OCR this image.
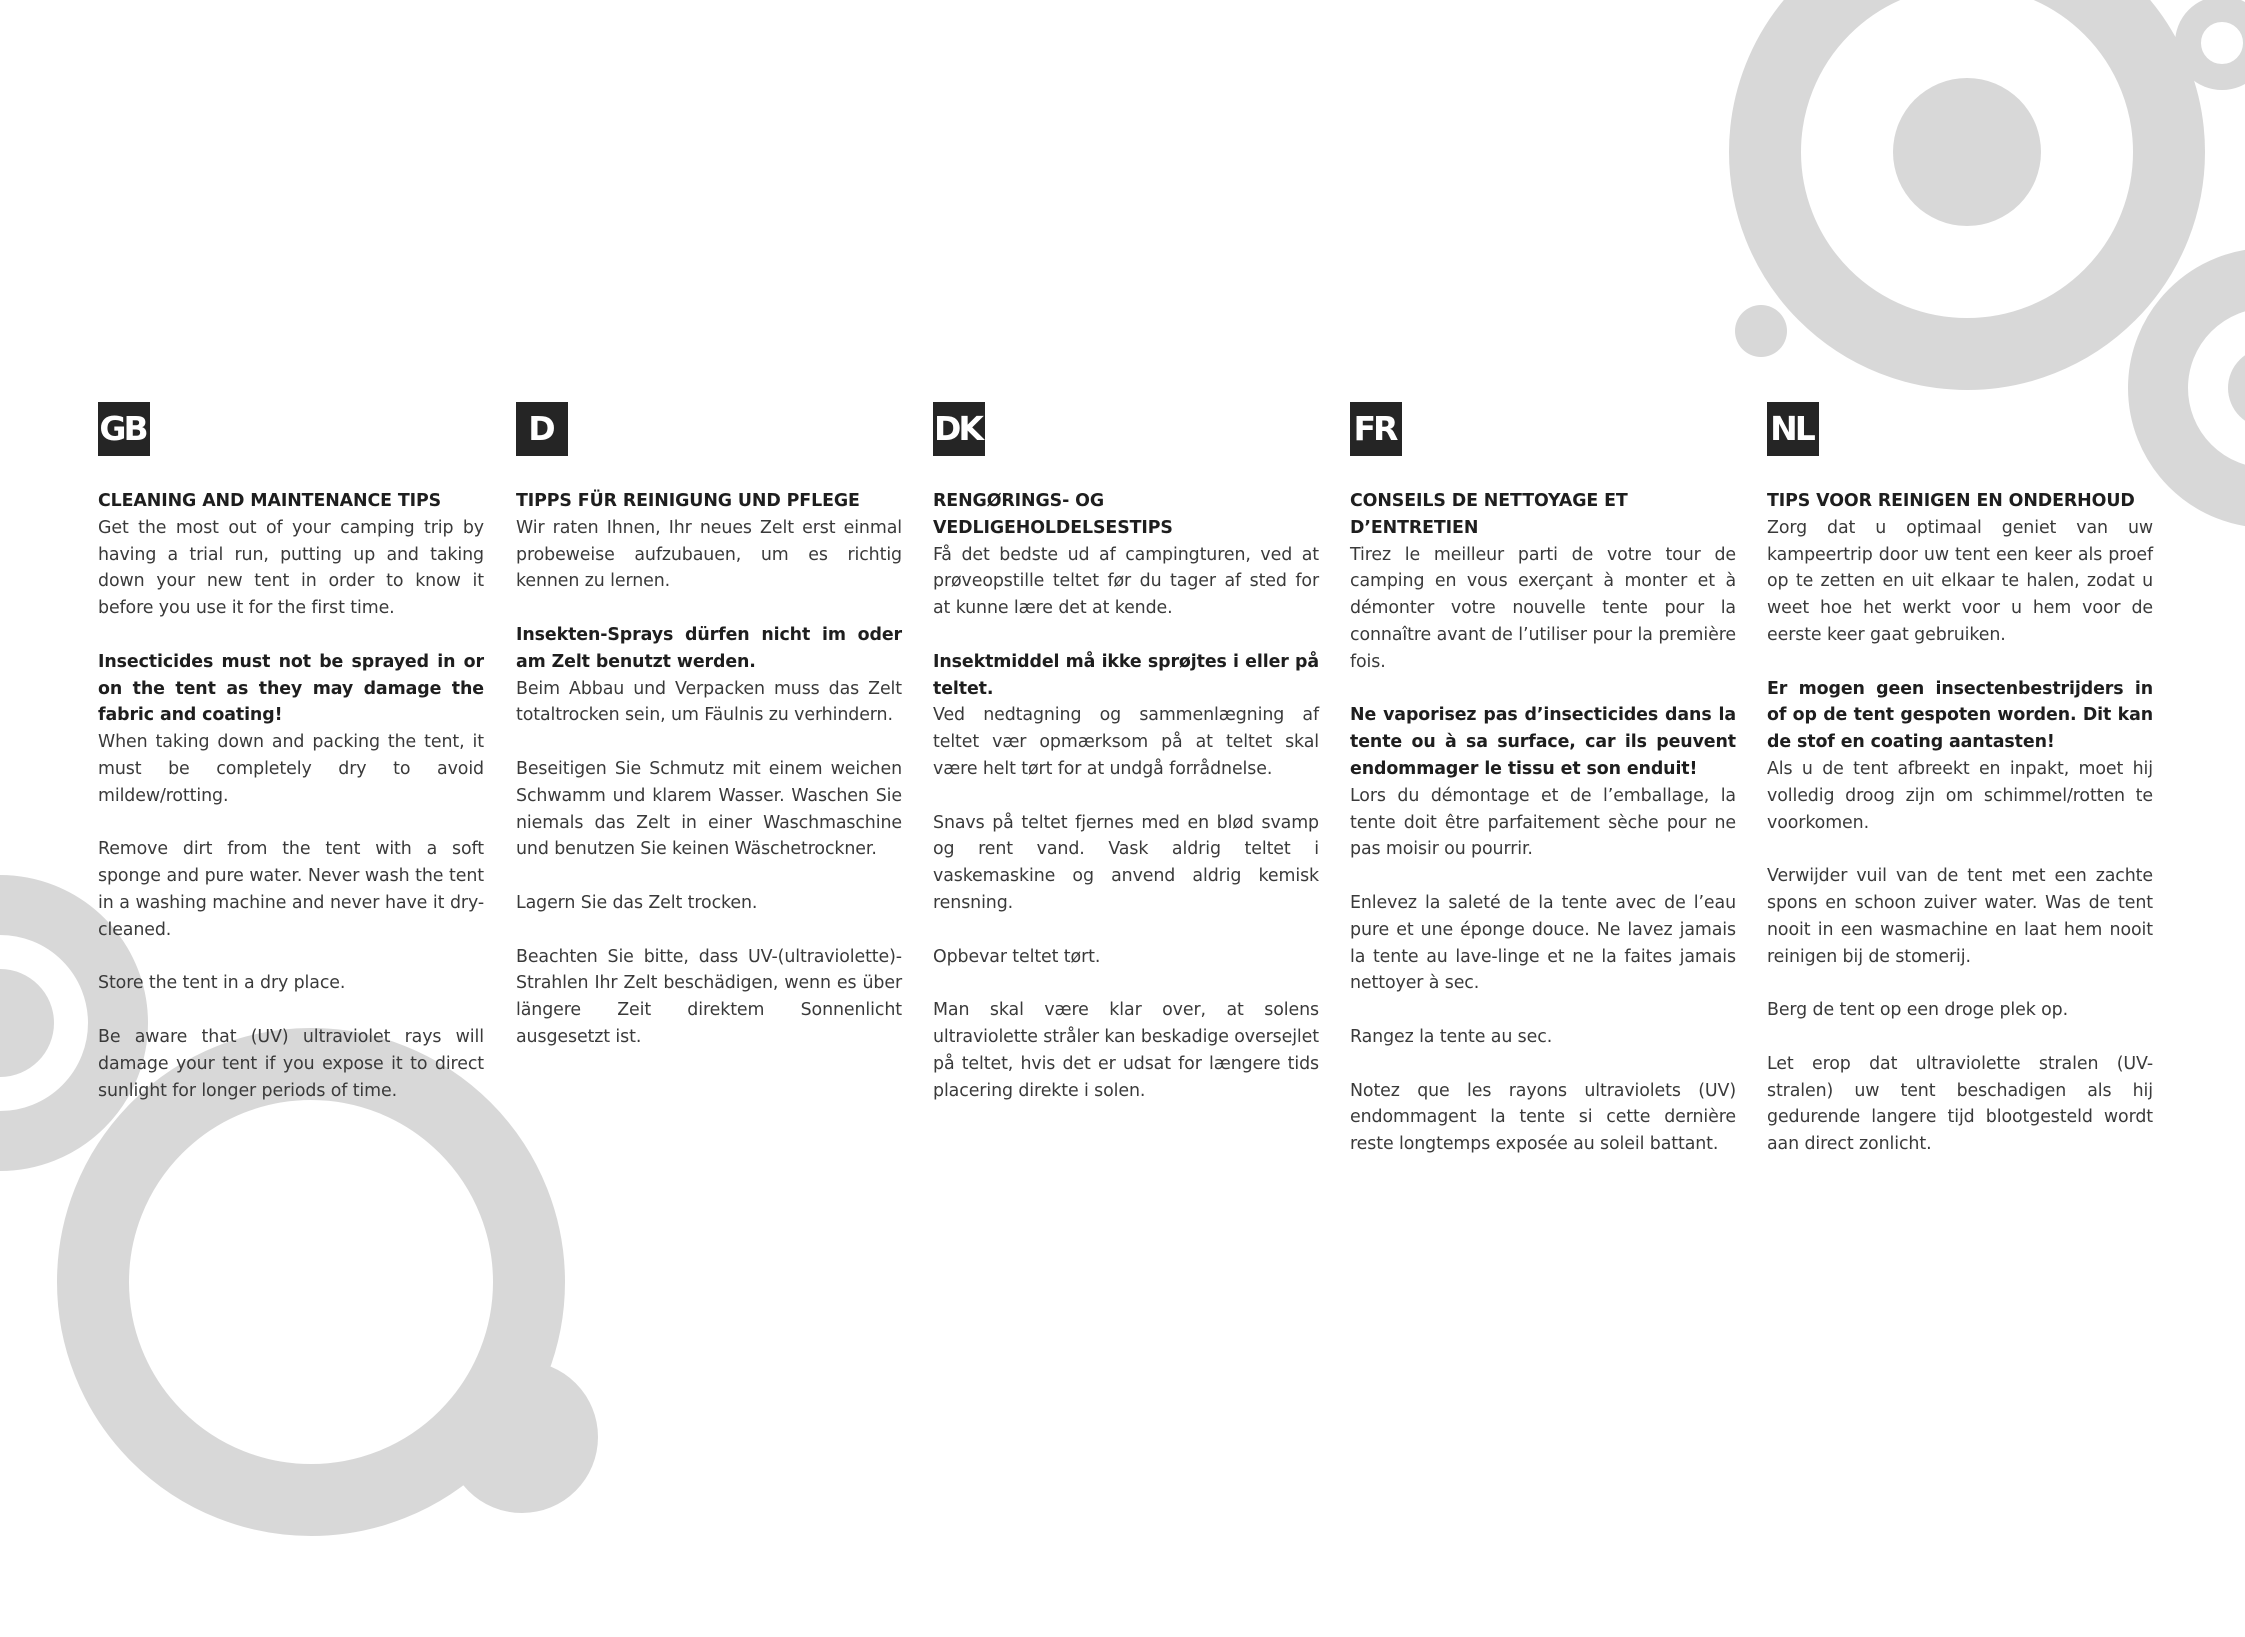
GB
CLEANING AND MAINTENANCE TIPS

Get the most out of your camping trip by having a trial run, putting up and taking down your new tent in order to know it before you use it for the first time.

Insecticides must not be sprayed in or on the tent as they may damage the fabric and coating!
When taking down and packing the tent, it must be completely dry to avoid mildew/rotting.

Remove dirt from the tent with a soft sponge and pure water. Never wash the tent in a washing machine and never have it dry-cleaned.

Store the tent in a dry place.

Be aware that (UV) ultraviolet rays will damage your tent if you expose it to direct sunlight for longer periods of time.

D
TIPPS FÜR REINIGUNG UND PFLEGE

Wir raten Ihnen, Ihr neues Zelt erst einmal probeweise aufzubauen, um es richtig kennen zu lernen.

Insekten-Sprays dürfen nicht im oder am Zelt benutzt werden.
Beim Abbau und Verpacken muss das Zelt totaltrocken sein, um Fäulnis zu verhindern.

Beseitigen Sie Schmutz mit einem weichen Schwamm und klarem Wasser. Waschen Sie niemals das Zelt in einer Waschmaschine und benutzen Sie keinen Wäschetrockner.

Lagern Sie das Zelt trocken.

Beachten Sie bitte, dass UV-(ultraviolette)-Strahlen Ihr Zelt beschädigen, wenn es über längere Zeit direktem Sonnenlicht ausgesetzt ist.

DK
RENGØRINGS- OG VEDLIGEHOLDELSESTIPS

Få det bedste ud af campingturen, ved at prøveopstille teltet før du tager af sted for at kunne lære det at kende.

Insektmiddel må ikke sprøjtes i eller på teltet.
Ved nedtagning og sammenlægning af teltet vær opmærksom på at teltet skal være helt tørt for at undgå forrådnelse.

Snavs på teltet fjernes med en blød svamp og rent vand. Vask aldrig teltet i vaskemaskine og anvend aldrig kemisk rensning.

Opbevar teltet tørt.

Man skal være klar over, at solens ultraviolette stråler kan beskadige oversejlet på teltet, hvis det er udsat for længere tids placering direkte i solen.

FR
CONSEILS DE NETTOYAGE ET D’ENTRETIEN

Tirez le meilleur parti de votre tour de camping en vous exerçant à monter et à démonter votre nouvelle tente pour la connaître avant de l’utiliser pour la première fois.

Ne vaporisez pas d’insecticides dans la tente ou à sa surface, car ils peuvent endommager le tissu et son enduit!
Lors du démontage et de l’emballage, la tente doit être parfaitement sèche pour ne pas moisir ou pourrir.

Enlevez la saleté de la tente avec de l’eau pure et une éponge douce. Ne lavez jamais la tente au lave-linge et ne la faites jamais nettoyer à sec.

Rangez la tente au sec.

Notez que les rayons ultraviolets (UV) endommagent la tente si cette dernière reste longtemps exposée au soleil battant.

NL
TIPS VOOR REINIGEN EN ONDERHOUD

Zorg dat u optimaal geniet van uw kampeertrip door uw tent een keer als proef op te zetten en uit elkaar te halen, zodat u weet hoe het werkt voor u hem voor de eerste keer gaat gebruiken.

Er mogen geen insectenbestrijders in of op de tent gespoten worden. Dit kan de stof en coating aantasten!
Als u de tent afbreekt en inpakt, moet hij volledig droog zijn om schimmel/rotten te voorkomen.

Verwijder vuil van de tent met een zachte spons en schoon zuiver water. Was de tent nooit in een wasmachine en laat hem nooit reinigen bij de stomerij.

Berg de tent op een droge plek op.

Let erop dat ultraviolette stralen (UV-stralen) uw tent beschadigen als hij gedurende langere tijd blootgesteld wordt aan direct zonlicht.
